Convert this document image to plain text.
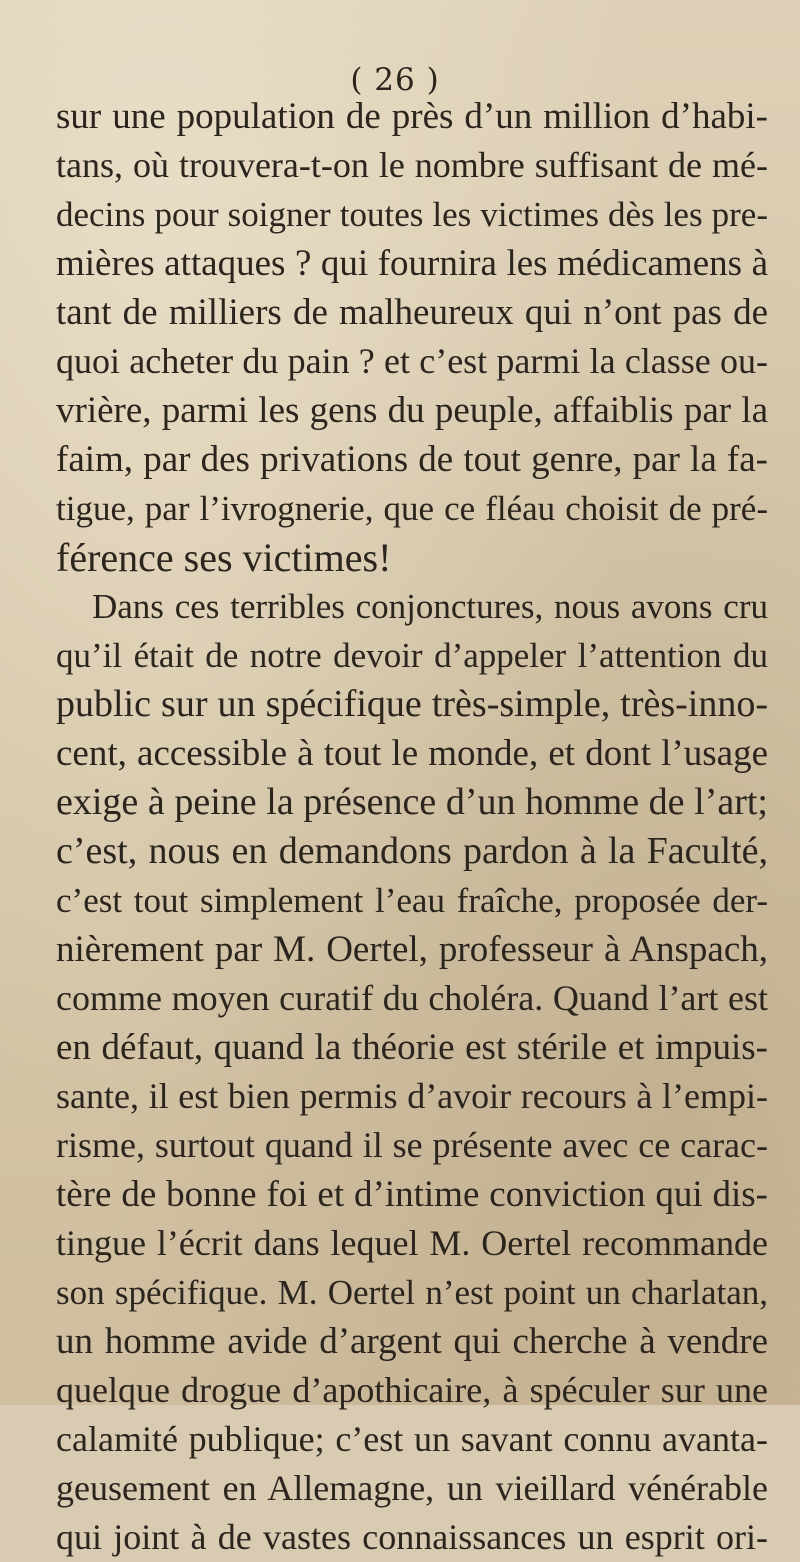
( 26 )
sur une population de près d’un million d’habi-
tans, où trouvera-t-on le nombre suffisant de mé-
decins pour soigner toutes les victimes dès les pre-
mières attaques ? qui fournira les médicamens à
tant de milliers de malheureux qui n’ont pas de
quoi acheter du pain ? et c’est parmi la classe ou-
vrière, parmi les gens du peuple, affaiblis par la
faim, par des privations de tout genre, par la fa-
tigue, par l’ivrognerie, que ce fléau choisit de pré-
férence ses victimes!
Dans ces terribles conjonctures, nous avons cru
qu’il était de notre devoir d’appeler l’attention du
public sur un spécifique très-simple, très-inno-
cent, accessible à tout le monde, et dont l’usage
exige à peine la présence d’un homme de l’art;
c’est, nous en demandons pardon à la Faculté,
c’est tout simplement l’eau fraîche, proposée der-
nièrement par M. Oertel, professeur à Anspach,
comme moyen curatif du choléra. Quand l’art est
en défaut, quand la théorie est stérile et impuis-
sante, il est bien permis d’avoir recours à l’empi-
risme, surtout quand il se présente avec ce carac-
tère de bonne foi et d’intime conviction qui dis-
tingue l’écrit dans lequel M. Oertel recommande
son spécifique. M. Oertel n’est point un charlatan,
un homme avide d’argent qui cherche à vendre
quelque drogue d’apothicaire, à spéculer sur une
calamité publique; c’est un savant connu avanta-
geusement en Allemagne, un vieillard vénérable
qui joint à de vastes connaissances un esprit ori-
